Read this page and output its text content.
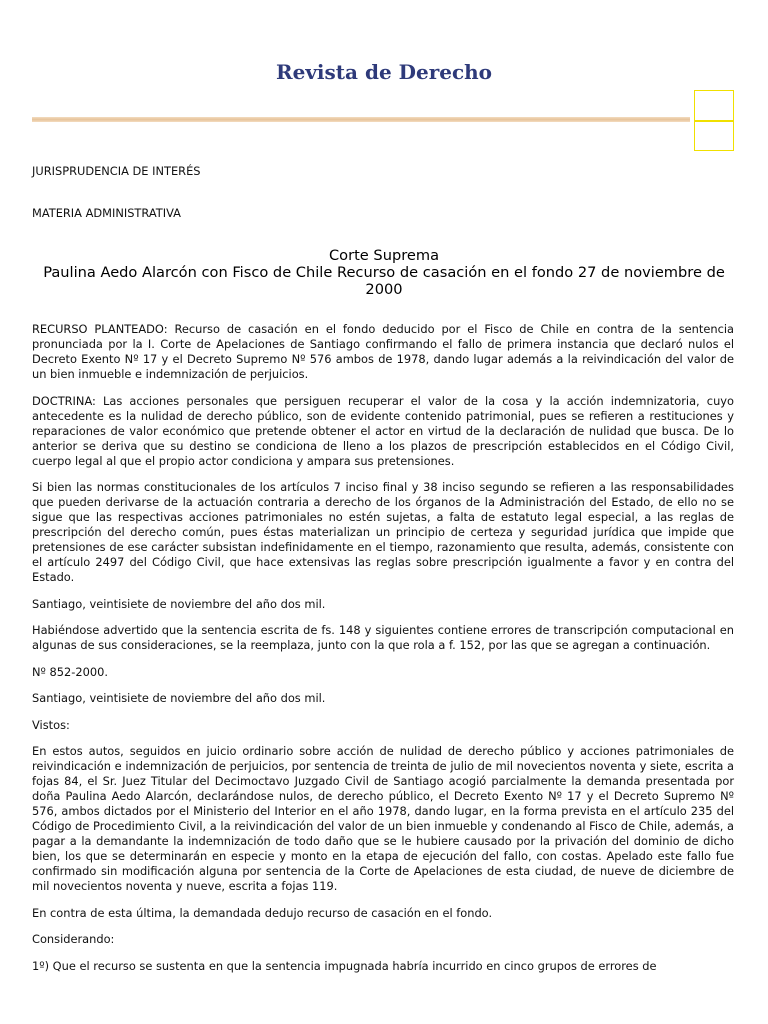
Revista de Derecho
JURISPRUDENCIA DE INTERÉS
MATERIA ADMINISTRATIVA
Corte Suprema
Paulina Aedo Alarcón con Fisco de Chile Recurso de casación en el fondo 27 de noviembre de 2000

RECURSO PLANTEADO: Recurso de casación en el fondo deducido por el Fisco de Chile en contra de la sentencia pronunciada por la I. Corte de Apelaciones de Santiago confirmando el fallo de primera instancia que declaró nulos el Decreto Exento Nº 17 y el Decreto Supremo Nº 576 ambos de 1978, dando lugar además a la reivindicación del valor de un bien inmueble e indemnización de perjuicios.

DOCTRINA: Las acciones personales que persiguen recuperar el valor de la cosa y la acción indemnizatoria, cuyo antecedente es la nulidad de derecho público, son de evidente contenido patrimonial, pues se refieren a restituciones y reparaciones de valor económico que pretende obtener el actor en virtud de la declaración de nulidad que busca. De lo anterior se deriva que su destino se condiciona de lleno a los plazos de prescripción establecidos en el Código Civil, cuerpo legal al que el propio actor condiciona y ampara sus pretensiones.

Si bien las normas constitucionales de los artículos 7 inciso final y 38 inciso segundo se refieren a las responsabilidades que pueden derivarse de la actuación contraria a derecho de los órganos de la Administración del Estado, de ello no se sigue que las respectivas acciones patrimoniales no estén sujetas, a falta de estatuto legal especial, a las reglas de prescripción del derecho común, pues éstas materializan un principio de certeza y seguridad jurídica que impide que pretensiones de ese carácter subsistan indefinidamente en el tiempo, razonamiento que resulta, además, consistente con el artículo 2497 del Código Civil, que hace extensivas las reglas sobre prescripción igualmente a favor y en contra del Estado.

Santiago, veintisiete de noviembre del año dos mil.

Habiéndose advertido que la sentencia escrita de fs. 148 y siguientes contiene errores de transcripción computacional en algunas de sus consideraciones, se la reemplaza, junto con la que rola a f. 152, por las que se agregan a continuación.

Nº 852-2000.

Santiago, veintisiete de noviembre del año dos mil.

Vistos:

En estos autos, seguidos en juicio ordinario sobre acción de nulidad de derecho público y acciones patrimoniales de reivindicación e indemnización de perjuicios, por sentencia de treinta de julio de mil novecientos noventa y siete, escrita a fojas 84, el Sr. Juez Titular del Decimoctavo Juzgado Civil de Santiago acogió parcialmente la demanda presentada por doña Paulina Aedo Alarcón, declarándose nulos, de derecho público, el Decreto Exento Nº 17 y el Decreto Supremo Nº 576, ambos dictados por el Ministerio del Interior en el año 1978, dando lugar, en la forma prevista en el artículo 235 del Código de Procedimiento Civil, a la reivindicación del valor de un bien inmueble y condenando al Fisco de Chile, además, a pagar a la demandante la indemnización de todo daño que se le hubiere causado por la privación del dominio de dicho bien, los que se determinarán en especie y monto en la etapa de ejecución del fallo, con costas. Apelado este fallo fue confirmado sin modificación alguna por sentencia de la Corte de Apelaciones de esta ciudad, de nueve de diciembre de mil novecientos noventa y nueve, escrita a fojas 119.

En contra de esta última, la demandada dedujo recurso de casación en el fondo.

Considerando:

1º) Que el recurso se sustenta en que la sentencia impugnada habría incurrido en cinco grupos de errores de
